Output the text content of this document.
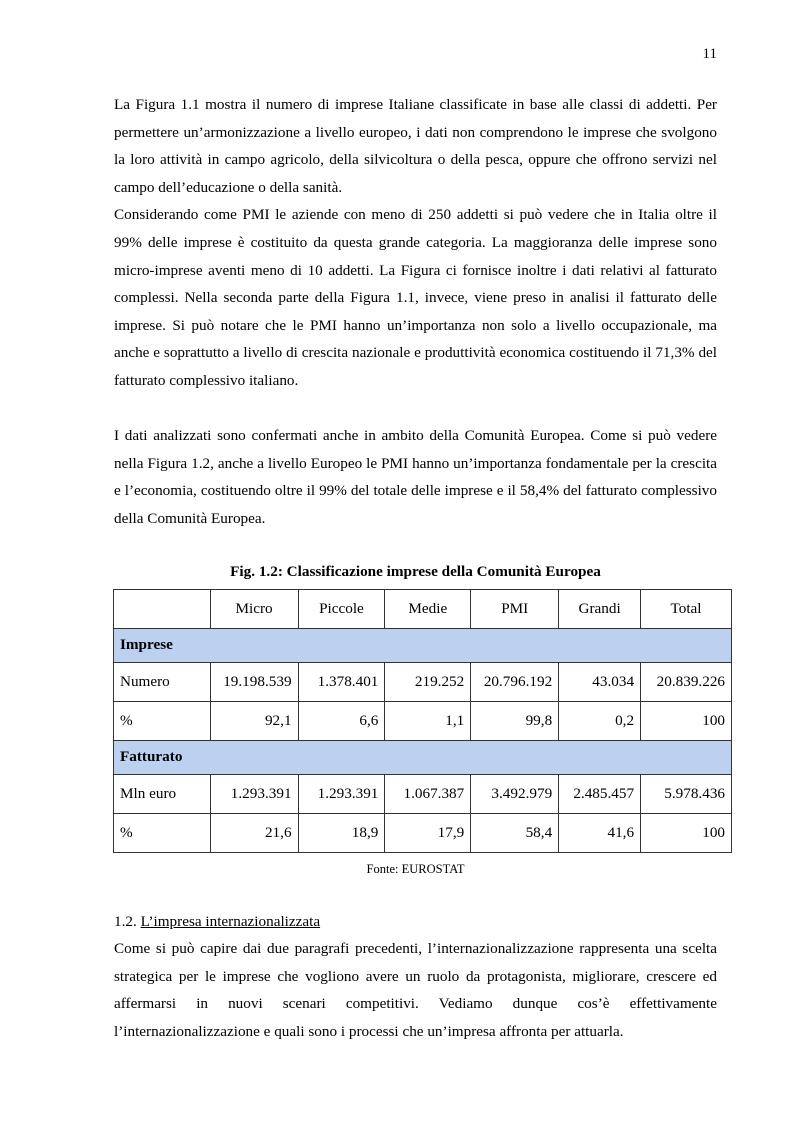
11

La Figura 1.1 mostra il numero di imprese Italiane classificate in base alle classi di addetti. Per permettere un’armonizzazione a livello europeo, i dati non comprendono le imprese che svolgono la loro attività in campo agricolo, della silvicoltura o della pesca, oppure che offrono servizi nel campo dell’educazione o della sanità.

Considerando come PMI le aziende con meno di 250 addetti si può vedere che in Italia oltre il 99% delle imprese è costituito da questa grande categoria. La maggioranza delle imprese sono micro-imprese aventi meno di 10 addetti. La Figura ci fornisce inoltre i dati relativi al fatturato complessi. Nella seconda parte della Figura 1.1, invece, viene preso in analisi il fatturato delle imprese. Si può notare che le PMI hanno un’importanza non solo a livello occupazionale, ma anche e soprattutto a livello di crescita nazionale e produttività economica costituendo il 71,3% del fatturato complessivo italiano.

I dati analizzati sono confermati anche in ambito della Comunità Europea. Come si può vedere nella Figura 1.2, anche a livello Europeo le PMI hanno un’importanza fondamentale per la crescita e l’economia, costituendo oltre il 99% del totale delle imprese e il 58,4% del fatturato complessivo della Comunità Europea.

Fig. 1.2: Classificazione imprese della Comunità Europea
	Micro	Piccole	Medie	PMI	Grandi	Total
Imprese						
Numero	19.198.539	1.378.401	219.252	20.796.192	43.034	20.839.226
%	92,1	6,6	1,1	99,8	0,2	100
Fatturato						
Mln euro	1.293.391	1.293.391	1.067.387	3.492.979	2.485.457	5.978.436
%	21,6	18,9	17,9	58,4	41,6	100
Fonte: EUROSTAT
1.2. L’impresa internazionalizzata

Come si può capire dai due paragrafi precedenti, l’internazionalizzazione rappresenta una scelta strategica per le imprese che vogliono avere un ruolo da protagonista, migliorare, crescere ed affermarsi in nuovi scenari competitivi. Vediamo dunque cos’è effettivamente l’internazionalizzazione e quali sono i processi che un’impresa affronta per attuarla.
